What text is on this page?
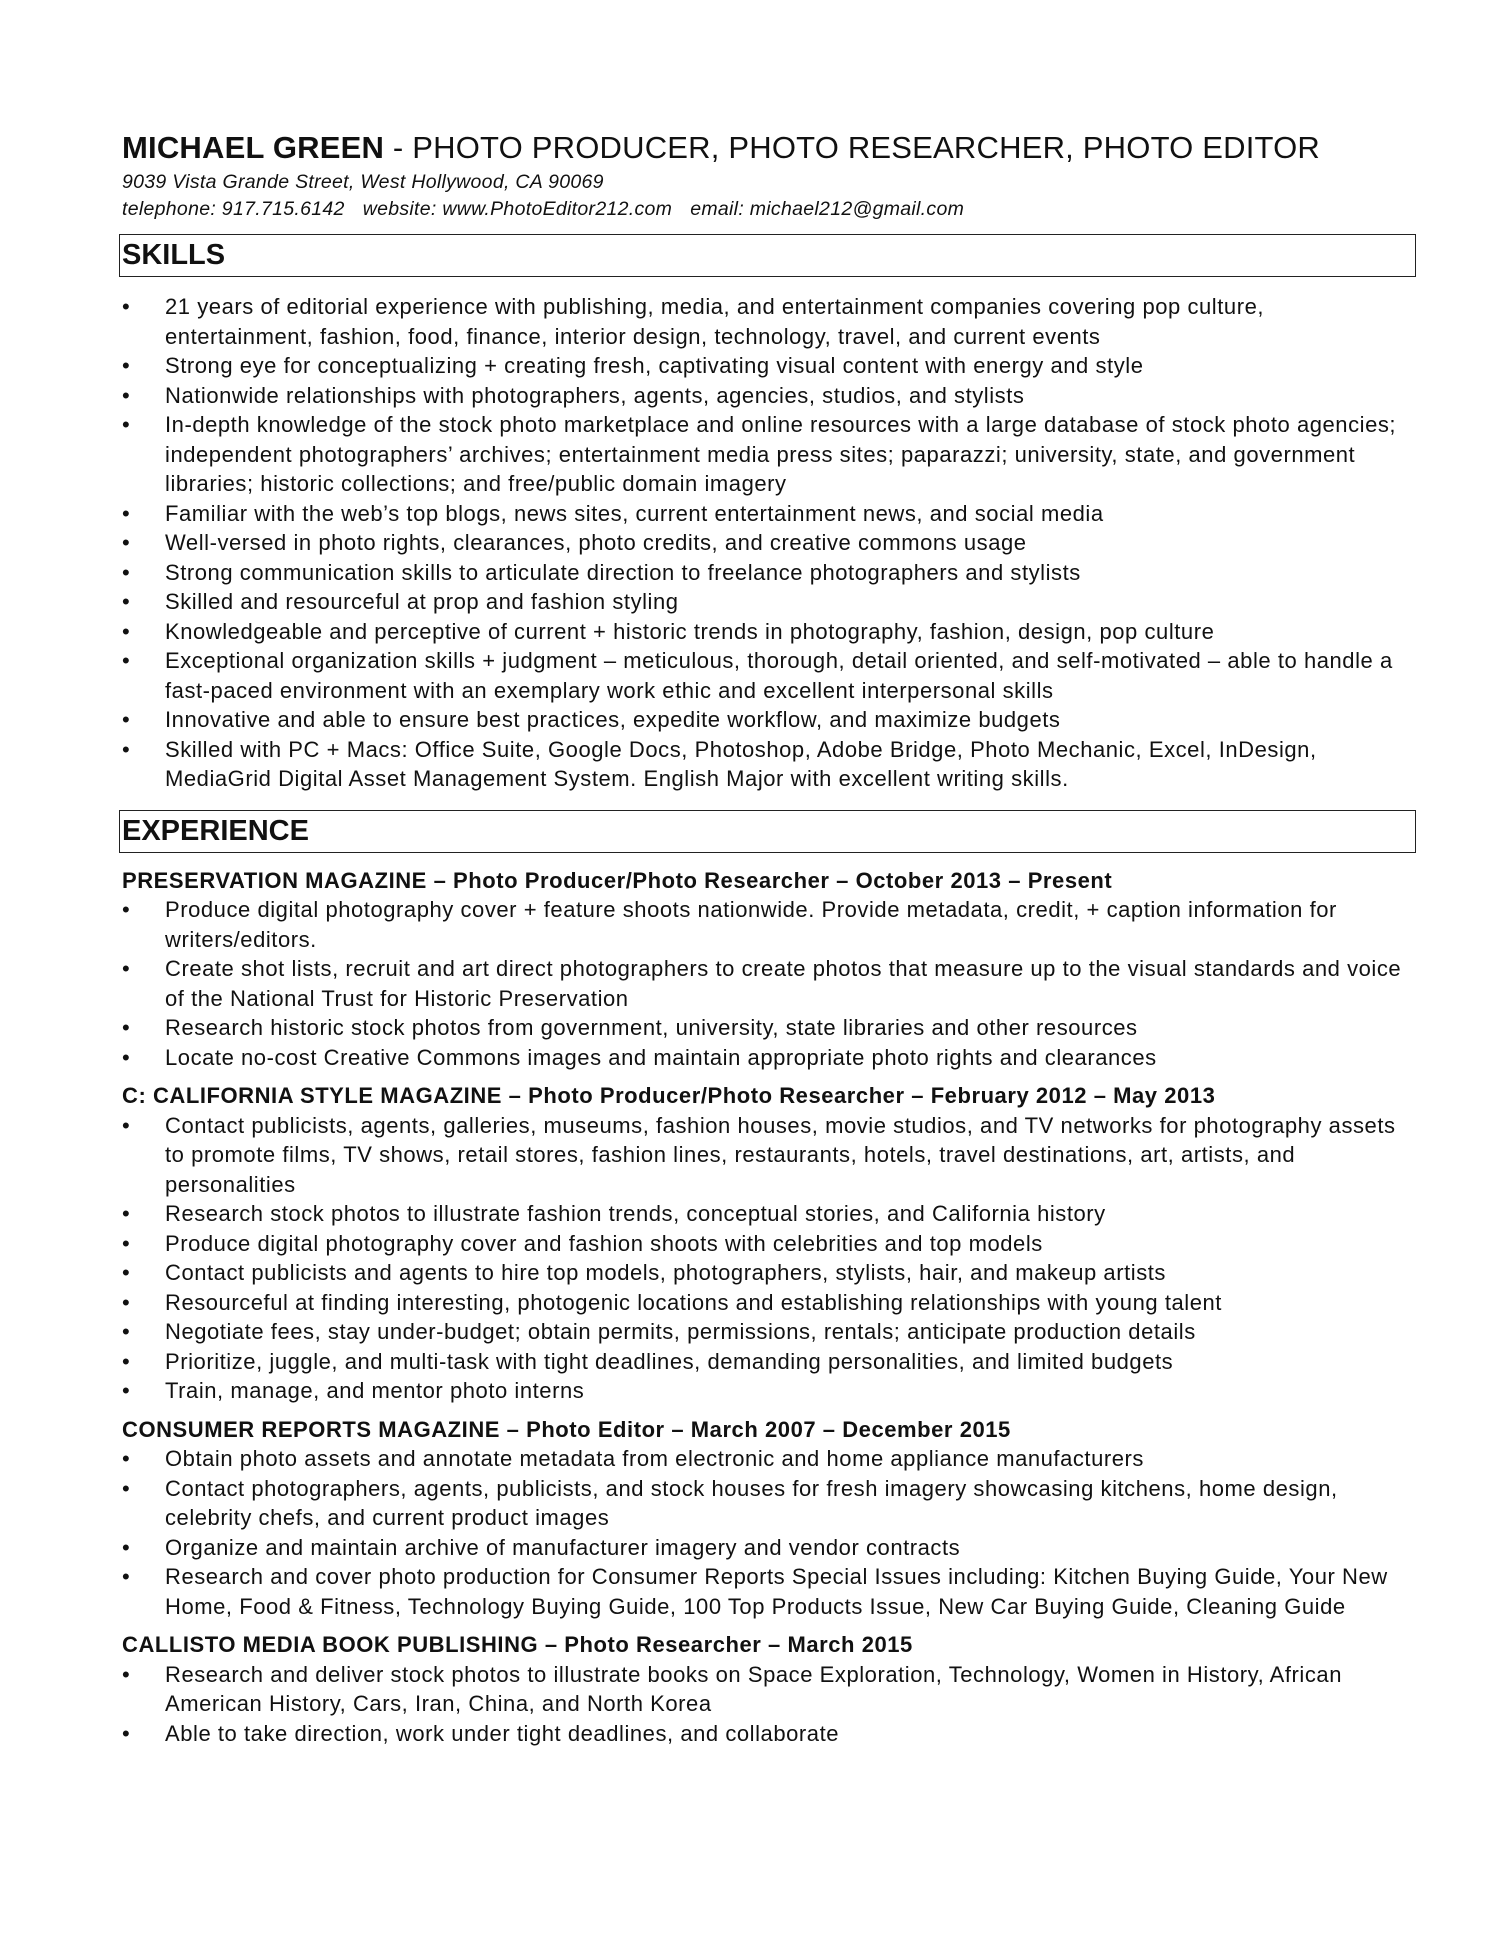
MICHAEL GREEN - PHOTO PRODUCER, PHOTO RESEARCHER, PHOTO EDITOR
9039 Vista Grande Street, West Hollywood, CA 90069
telephone: 917.715.6142 website: www.PhotoEditor212.com email: michael212@gmail.com
SKILLS
• 21 years of editorial experience with publishing, media, and entertainment companies covering pop culture, entertainment, fashion, food, finance, interior design, technology, travel, and current events
• Strong eye for conceptualizing + creating fresh, captivating visual content with energy and style
• Nationwide relationships with photographers, agents, agencies, studios, and stylists
• In-depth knowledge of the stock photo marketplace and online resources with a large database of stock photo agencies; independent photographers’ archives; entertainment media press sites; paparazzi; university, state, and government libraries; historic collections; and free/public domain imagery
• Familiar with the web’s top blogs, news sites, current entertainment news, and social media
• Well-versed in photo rights, clearances, photo credits, and creative commons usage
• Strong communication skills to articulate direction to freelance photographers and stylists
• Skilled and resourceful at prop and fashion styling
• Knowledgeable and perceptive of current + historic trends in photography, fashion, design, pop culture
• Exceptional organization skills + judgment – meticulous, thorough, detail oriented, and self-motivated – able to handle a fast-paced environment with an exemplary work ethic and excellent interpersonal skills
• Innovative and able to ensure best practices, expedite workflow, and maximize budgets
• Skilled with PC + Macs: Office Suite, Google Docs, Photoshop, Adobe Bridge, Photo Mechanic, Excel, InDesign, MediaGrid Digital Asset Management System. English Major with excellent writing skills.
EXPERIENCE
PRESERVATION MAGAZINE – Photo Producer/Photo Researcher – October 2013 – Present
• Produce digital photography cover + feature shoots nationwide. Provide metadata, credit, + caption information for writers/editors.
• Create shot lists, recruit and art direct photographers to create photos that measure up to the visual standards and voice of the National Trust for Historic Preservation
• Research historic stock photos from government, university, state libraries and other resources
• Locate no-cost Creative Commons images and maintain appropriate photo rights and clearances
C: CALIFORNIA STYLE MAGAZINE – Photo Producer/Photo Researcher – February 2012 – May 2013
• Contact publicists, agents, galleries, museums, fashion houses, movie studios, and TV networks for photography assets to promote films, TV shows, retail stores, fashion lines, restaurants, hotels, travel destinations, art, artists, and personalities
• Research stock photos to illustrate fashion trends, conceptual stories, and California history
• Produce digital photography cover and fashion shoots with celebrities and top models
• Contact publicists and agents to hire top models, photographers, stylists, hair, and makeup artists
• Resourceful at finding interesting, photogenic locations and establishing relationships with young talent
• Negotiate fees, stay under-budget; obtain permits, permissions, rentals; anticipate production details
• Prioritize, juggle, and multi-task with tight deadlines, demanding personalities, and limited budgets
• Train, manage, and mentor photo interns
CONSUMER REPORTS MAGAZINE – Photo Editor – March 2007 – December 2015
• Obtain photo assets and annotate metadata from electronic and home appliance manufacturers
• Contact photographers, agents, publicists, and stock houses for fresh imagery showcasing kitchens, home design, celebrity chefs, and current product images
• Organize and maintain archive of manufacturer imagery and vendor contracts
• Research and cover photo production for Consumer Reports Special Issues including: Kitchen Buying Guide, Your New Home, Food & Fitness, Technology Buying Guide, 100 Top Products Issue, New Car Buying Guide, Cleaning Guide
CALLISTO MEDIA BOOK PUBLISHING – Photo Researcher – March 2015
• Research and deliver stock photos to illustrate books on Space Exploration, Technology, Women in History, African American History, Cars, Iran, China, and North Korea
• Able to take direction, work under tight deadlines, and collaborate
